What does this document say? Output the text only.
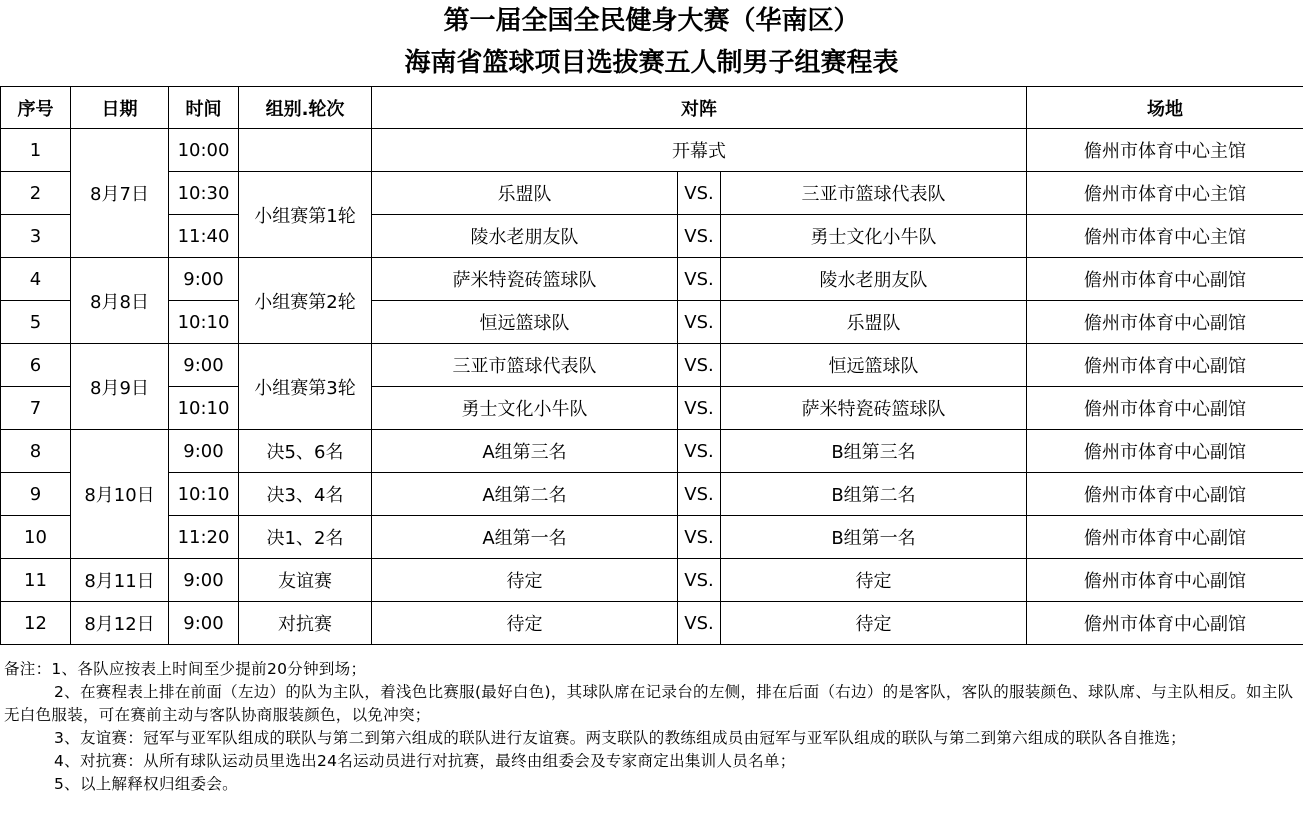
第一届全国全民健身大赛（华南区）
海南省篮球项目选拔赛五人制男子组赛程表
序号	日期	时间	组别.轮次	对阵			场地
1	8月7日	10:00		开幕式			儋州市体育中心主馆
2		10:30	小组赛第1轮	乐盟队	VS.	三亚市篮球代表队	儋州市体育中心主馆
3		11:40		陵水老朋友队	VS.	勇士文化小牛队	儋州市体育中心主馆
4	8月8日	9:00	小组赛第2轮	萨米特瓷砖篮球队	VS.	陵水老朋友队	儋州市体育中心副馆
5		10:10		恒远篮球队	VS.	乐盟队	儋州市体育中心副馆
6	8月9日	9:00	小组赛第3轮	三亚市篮球代表队	VS.	恒远篮球队	儋州市体育中心副馆
7		10:10		勇士文化小牛队	VS.	萨米特瓷砖篮球队	儋州市体育中心副馆
8	8月10日	9:00	决5、6名	A组第三名	VS.	B组第三名	儋州市体育中心副馆
9		10:10	决3、4名	A组第二名	VS.	B组第二名	儋州市体育中心副馆
10		11:20	决1、2名	A组第一名	VS.	B组第一名	儋州市体育中心副馆
11	8月11日	9:00	友谊赛	待定	VS.	待定	儋州市体育中心副馆
12	8月12日	9:00	对抗赛	待定	VS.	待定	儋州市体育中心副馆

备注：1、各队应按表上时间至少提前20分钟到场；

2、在赛程表上排在前面（左边）的队为主队，着浅色比赛服(最好白色)，其球队席在记录台的左侧，排在后面（右边）的是客队，客队的服装颜色、球队席、与主队相反。如主队无白色服装，可在赛前主动与客队协商服装颜色，以免冲突；

3、友谊赛：冠军与亚军队组成的联队与第二到第六组成的联队进行友谊赛。两支联队的教练组成员由冠军与亚军队组成的联队与第二到第六组成的联队各自推选；

4、对抗赛：从所有球队运动员里选出24名运动员进行对抗赛，最终由组委会及专家商定出集训人员名单；

5、以上解释权归组委会。
